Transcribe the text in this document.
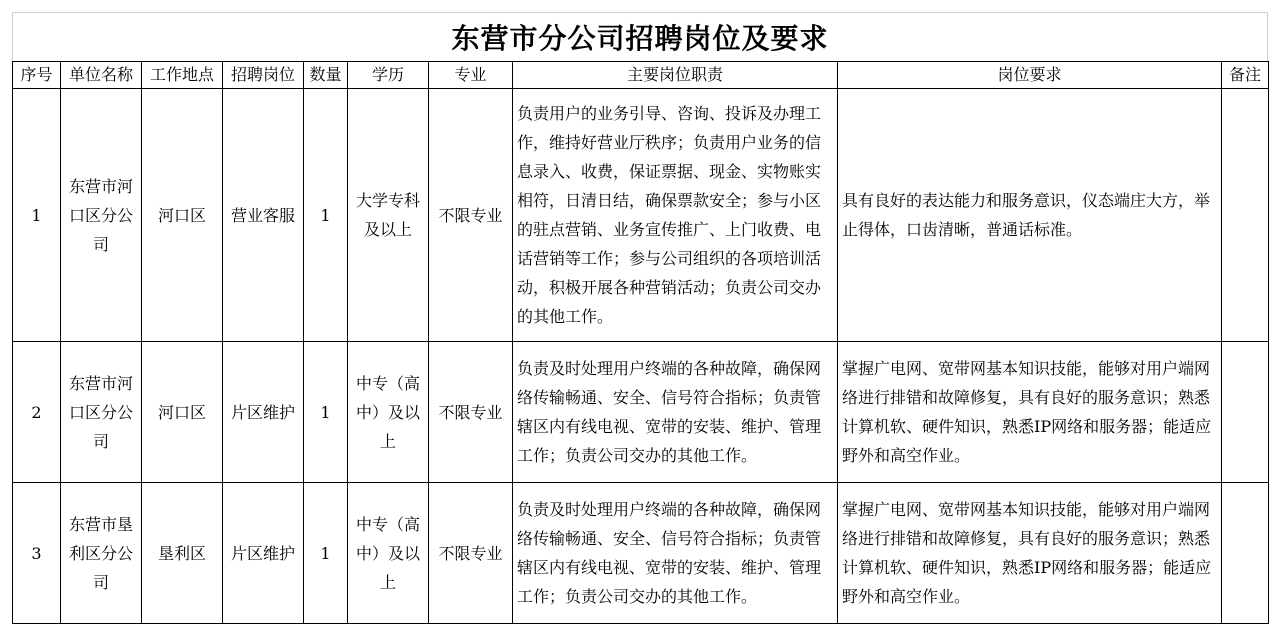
东营市分公司招聘岗位及要求
序号	单位名称	工作地点	招聘岗位	数量	学历	专业	主要岗位职责	岗位要求	备注
1	东营市河口区分公司	河口区	营业客服	1	大学专科及以上	不限专业	负责用户的业务引导、咨询、投诉及办理工作，维持好营业厅秩序；负责用户业务的信息录入、收费，保证票据、现金、实物账实相符，日清日结，确保票款安全；参与小区的驻点营销、业务宣传推广、上门收费、电话营销等工作；参与公司组织的各项培训活动，积极开展各种营销活动；负责公司交办的其他工作。	具有良好的表达能力和服务意识，仪态端庄大方，举止得体，口齿清晰，普通话标准。	
2	东营市河口区分公司	河口区	片区维护	1	中专（高中）及以上	不限专业	负责及时处理用户终端的各种故障，确保网络传输畅通、安全、信号符合指标；负责管辖区内有线电视、宽带的安装、维护、管理工作；负责公司交办的其他工作。	掌握广电网、宽带网基本知识技能，能够对用户端网络进行排错和故障修复，具有良好的服务意识；熟悉计算机软、硬件知识，熟悉IP网络和服务器；能适应野外和高空作业。	
3	东营市垦利区分公司	垦利区	片区维护	1	中专（高中）及以上	不限专业	负责及时处理用户终端的各种故障，确保网络传输畅通、安全、信号符合指标；负责管辖区内有线电视、宽带的安装、维护、管理工作；负责公司交办的其他工作。	掌握广电网、宽带网基本知识技能，能够对用户端网络进行排错和故障修复，具有良好的服务意识；熟悉计算机软、硬件知识，熟悉IP网络和服务器；能适应野外和高空作业。	
